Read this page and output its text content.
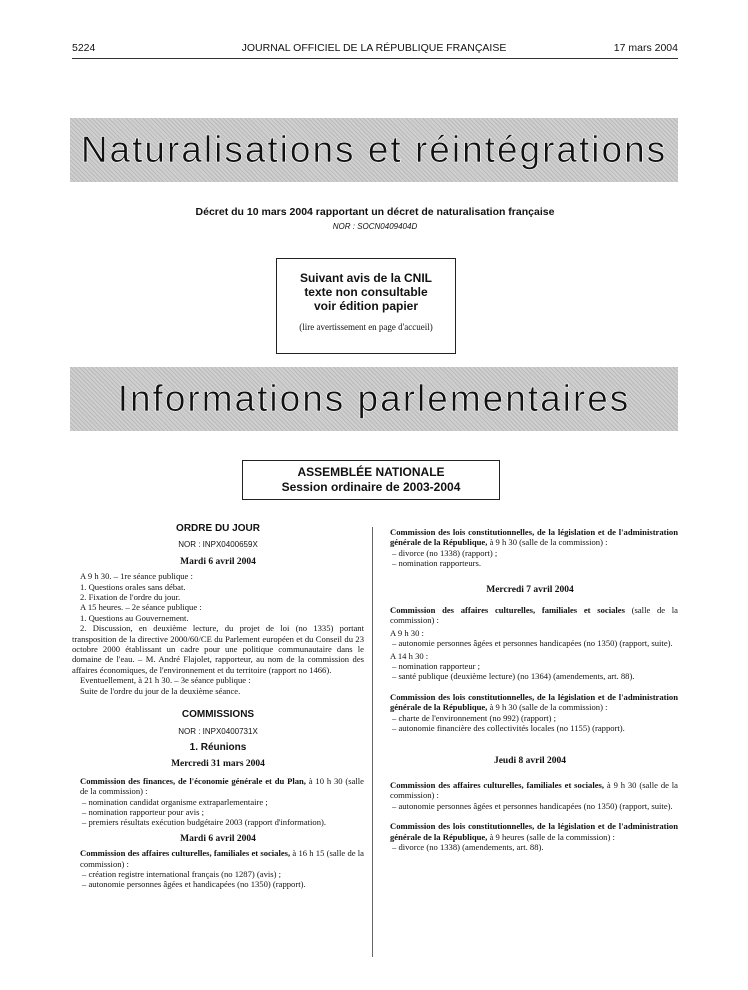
5224	JOURNAL OFFICIEL DE LA RÉPUBLIQUE FRANÇAISE	17 mars 2004
Naturalisations et réintégrations
Décret du 10 mars 2004 rapportant un décret de naturalisation française
NOR : SOCN0409404D
Suivant avis de la CNIL
texte non consultable
voir édition papier
(lire avertissement en page d'accueil)
Informations parlementaires
ASSEMBLÉE NATIONALE
Session ordinaire de 2003-2004

ORDRE DU JOUR

NOR : INPX0400659X

Mardi 6 avril 2004

A 9 h 30. – 1re séance publique :

1. Questions orales sans débat.

2. Fixation de l'ordre du jour.

A 15 heures. – 2e séance publique :

1. Questions au Gouvernement.

2. Discussion, en deuxième lecture, du projet de loi (no 1335) portant transposition de la directive 2000/60/CE du Parlement européen et du Conseil du 23 octobre 2000 établissant un cadre pour une politique communautaire dans le domaine de l'eau. – M. André Flajolet, rapporteur, au nom de la commission des affaires économiques, de l'environnement et du territoire (rapport no 1466).

Eventuellement, à 21 h 30. – 3e séance publique :

Suite de l'ordre du jour de la deuxième séance.

COMMISSIONS

NOR : INPX0400731X

1. Réunions

Mercredi 31 mars 2004

Commission des finances, de l'économie générale et du Plan, à 10 h 30 (salle de la commission) :

– nomination candidat organisme extraparlementaire ;

– nomination rapporteur pour avis ;

– premiers résultats exécution budgétaire 2003 (rapport d'information).

Mardi 6 avril 2004

Commission des affaires culturelles, familiales et sociales, à 16 h 15 (salle de la commission) :

– création registre international français (no 1287) (avis) ;

– autonomie personnes âgées et handicapées (no 1350) (rapport).

Commission des lois constitutionnelles, de la législation et de l'administration générale de la République, à 9 h 30 (salle de la commission) :

– divorce (no 1338) (rapport) ;

– nomination rapporteurs.

Mercredi 7 avril 2004

Commission des affaires culturelles, familiales et sociales (salle de la commission) :

A 9 h 30 :

– autonomie personnes âgées et personnes handicapées (no 1350) (rapport, suite).

A 14 h 30 :

– nomination rapporteur ;

– santé publique (deuxième lecture) (no 1364) (amendements, art. 88).

Commission des lois constitutionnelles, de la législation et de l'administration générale de la République, à 9 h 30 (salle de la commission) :

– charte de l'environnement (no 992) (rapport) ;

– autonomie financière des collectivités locales (no 1155) (rapport).

Jeudi 8 avril 2004

Commission des affaires culturelles, familiales et sociales, à 9 h 30 (salle de la commission) :

– autonomie personnes âgées et personnes handicapées (no 1350) (rapport, suite).

Commission des lois constitutionnelles, de la législation et de l'administration générale de la République, à 9 heures (salle de la commission) :

– divorce (no 1338) (amendements, art. 88).
